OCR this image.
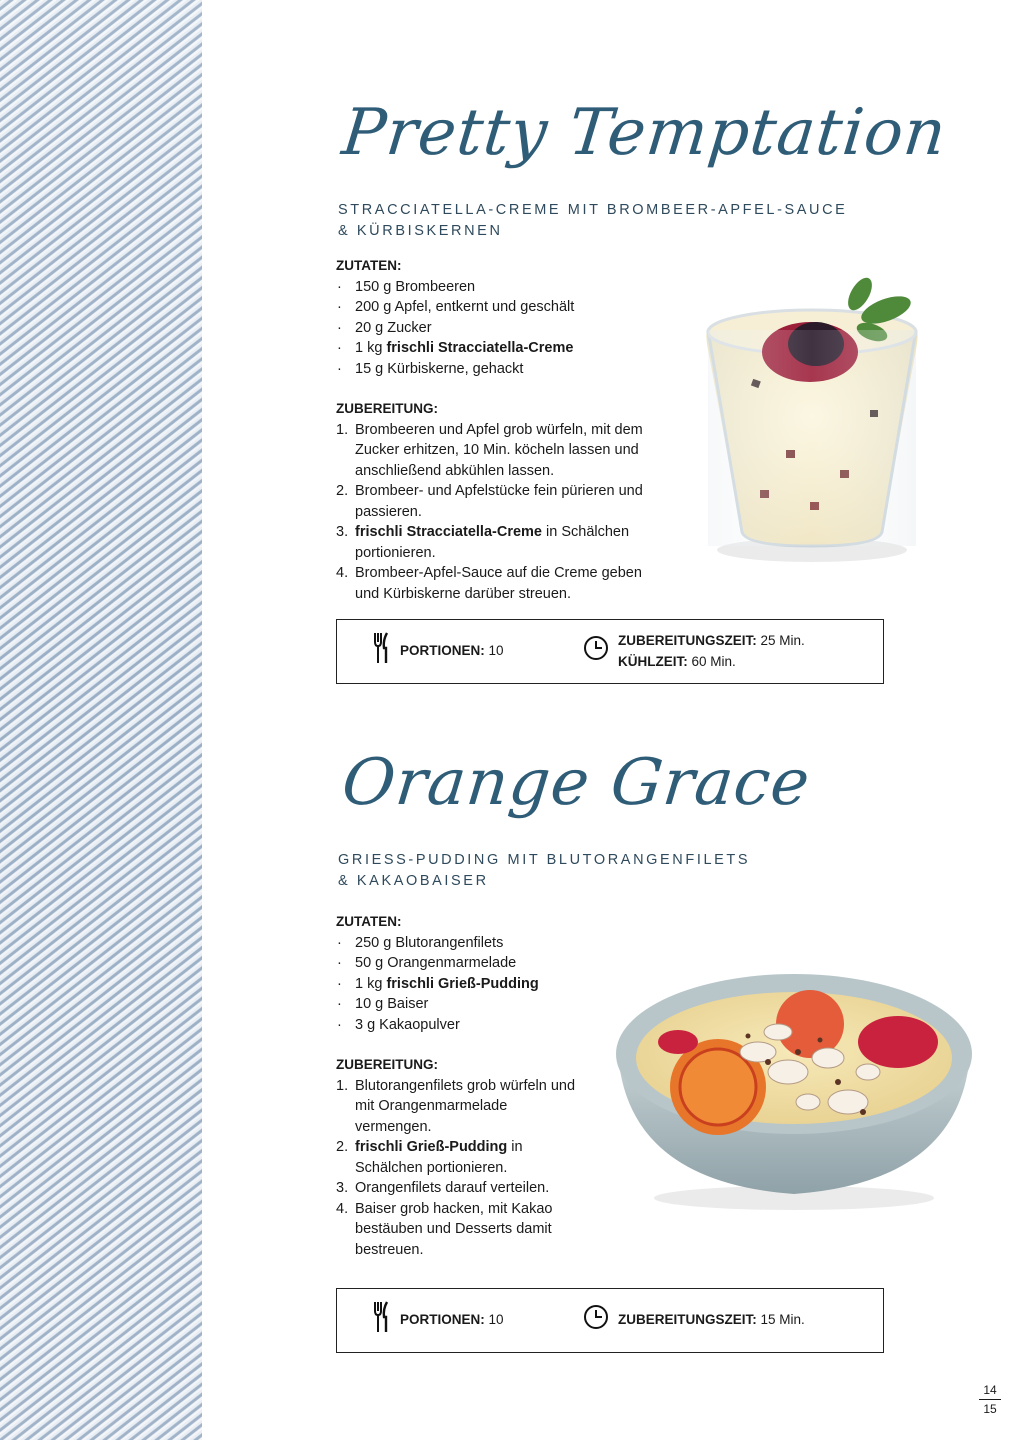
Pretty Temptation
STRACCIATELLA-CREME MIT BROMBEER-APFEL-SAUCE
& KÜRBISKERNEN
ZUTATEN:
· 150 g Brombeeren
· 200 g Apfel, entkernt und geschält
· 20 g Zucker
· 1 kg frischli Stracciatella-Creme
· 15 g Kürbiskerne, gehackt
ZUBEREITUNG:
1. Brombeeren und Apfel grob würfeln, mit dem Zucker erhitzen, 10 Min. köcheln lassen und anschließend abkühlen lassen.
2. Brombeer- und Apfelstücke fein pürieren und passieren.
3. frischli Stracciatella-Creme in Schälchen portionieren.
4. Brombeer-Apfel-Sauce auf die Creme geben und Kürbiskerne darüber streuen.
PORTIONEN: 10
ZUBEREITUNGSZEIT: 25 Min.
KÜHLZEIT: 60 Min.
Orange Grace
GRIESS-PUDDING MIT BLUTORANGENFILETS
& KAKAOBAISER
ZUTATEN:
· 250 g Blutorangenfilets
· 50 g Orangenmarmelade
· 1 kg frischli Grieß-Pudding
· 10 g Baiser
· 3 g Kakaopulver
ZUBEREITUNG:
1. Blutorangenfilets grob würfeln und mit Orangenmarmelade vermengen.
2. frischli Grieß-Pudding in Schälchen portionieren.
3. Orangenfilets darauf verteilen.
4. Baiser grob hacken, mit Kakao bestäuben und Desserts damit bestreuen.
PORTIONEN: 10	ZUBEREITUNGSZEIT: 15 Min.
14
15
